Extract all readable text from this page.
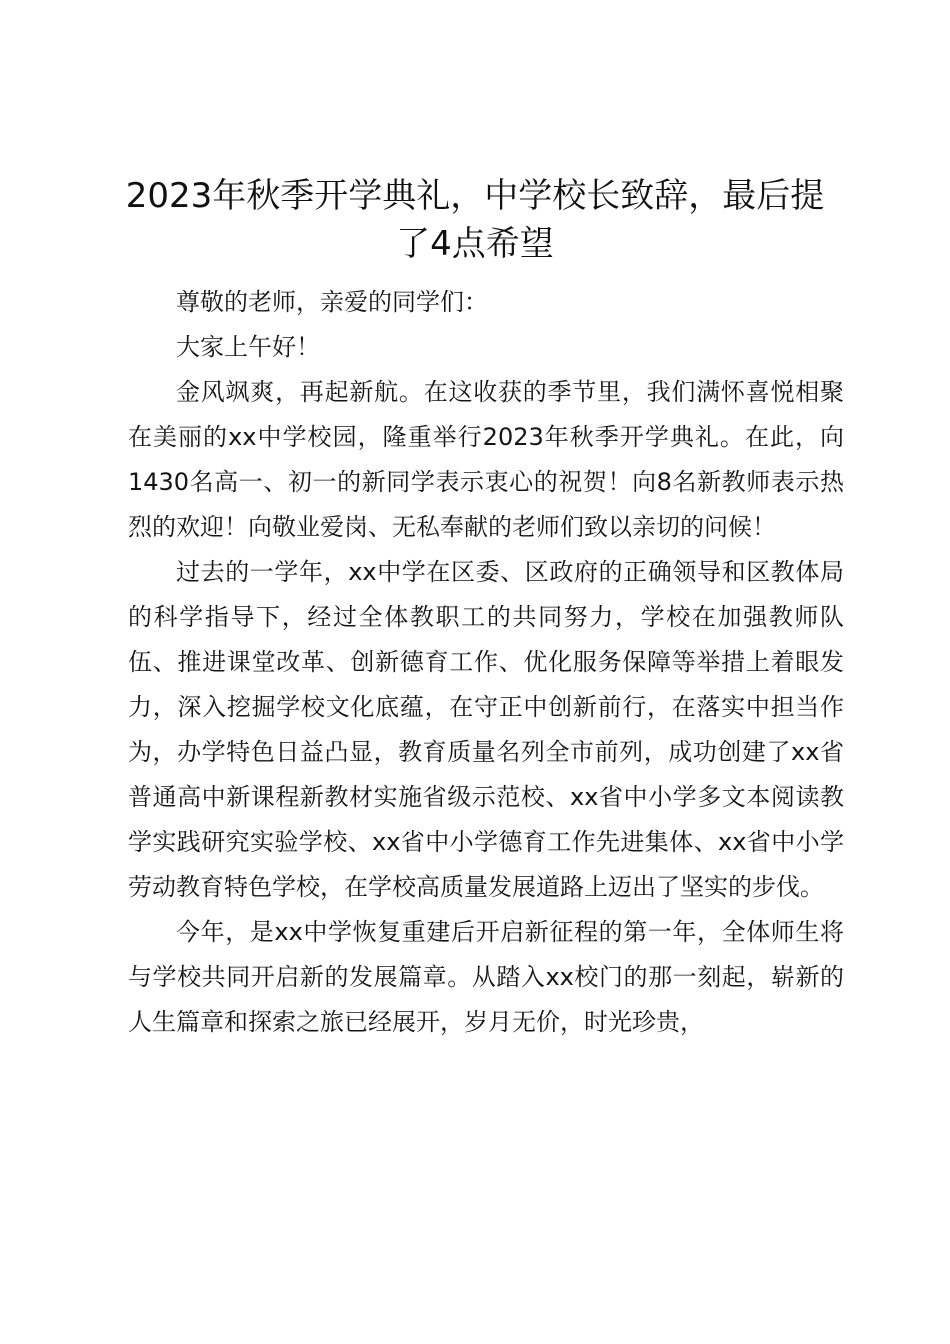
2023年秋季开学典礼，中学校长致辞，最后提了4点希望

尊敬的老师，亲爱的同学们：

大家上午好！

金风飒爽，再起新航。在这收获的季节里，我们满怀喜悦相聚在美丽的xx中学校园，隆重举行2023年秋季开学典礼。在此，向1430名高一、初一的新同学表示衷心的祝贺！向8名新教师表示热烈的欢迎！向敬业爱岗、无私奉献的老师们致以亲切的问候！

过去的一学年，xx中学在区委、区政府的正确领导和区教体局的科学指导下，经过全体教职工的共同努力，学校在加强教师队伍、推进课堂改革、创新德育工作、优化服务保障等举措上着眼发力，深入挖掘学校文化底蕴，在守正中创新前行，在落实中担当作为，办学特色日益凸显，教育质量名列全市前列，成功创建了xx省普通高中新课程新教材实施省级示范校、xx省中小学多文本阅读教学实践研究实验学校、xx省中小学德育工作先进集体、xx省中小学劳动教育特色学校，在学校高质量发展道路上迈出了坚实的步伐。

今年，是xx中学恢复重建后开启新征程的第一年，全体师生将与学校共同开启新的发展篇章。从踏入xx校门的那一刻起，崭新的人生篇章和探索之旅已经展开，岁月无价，时光珍贵，
